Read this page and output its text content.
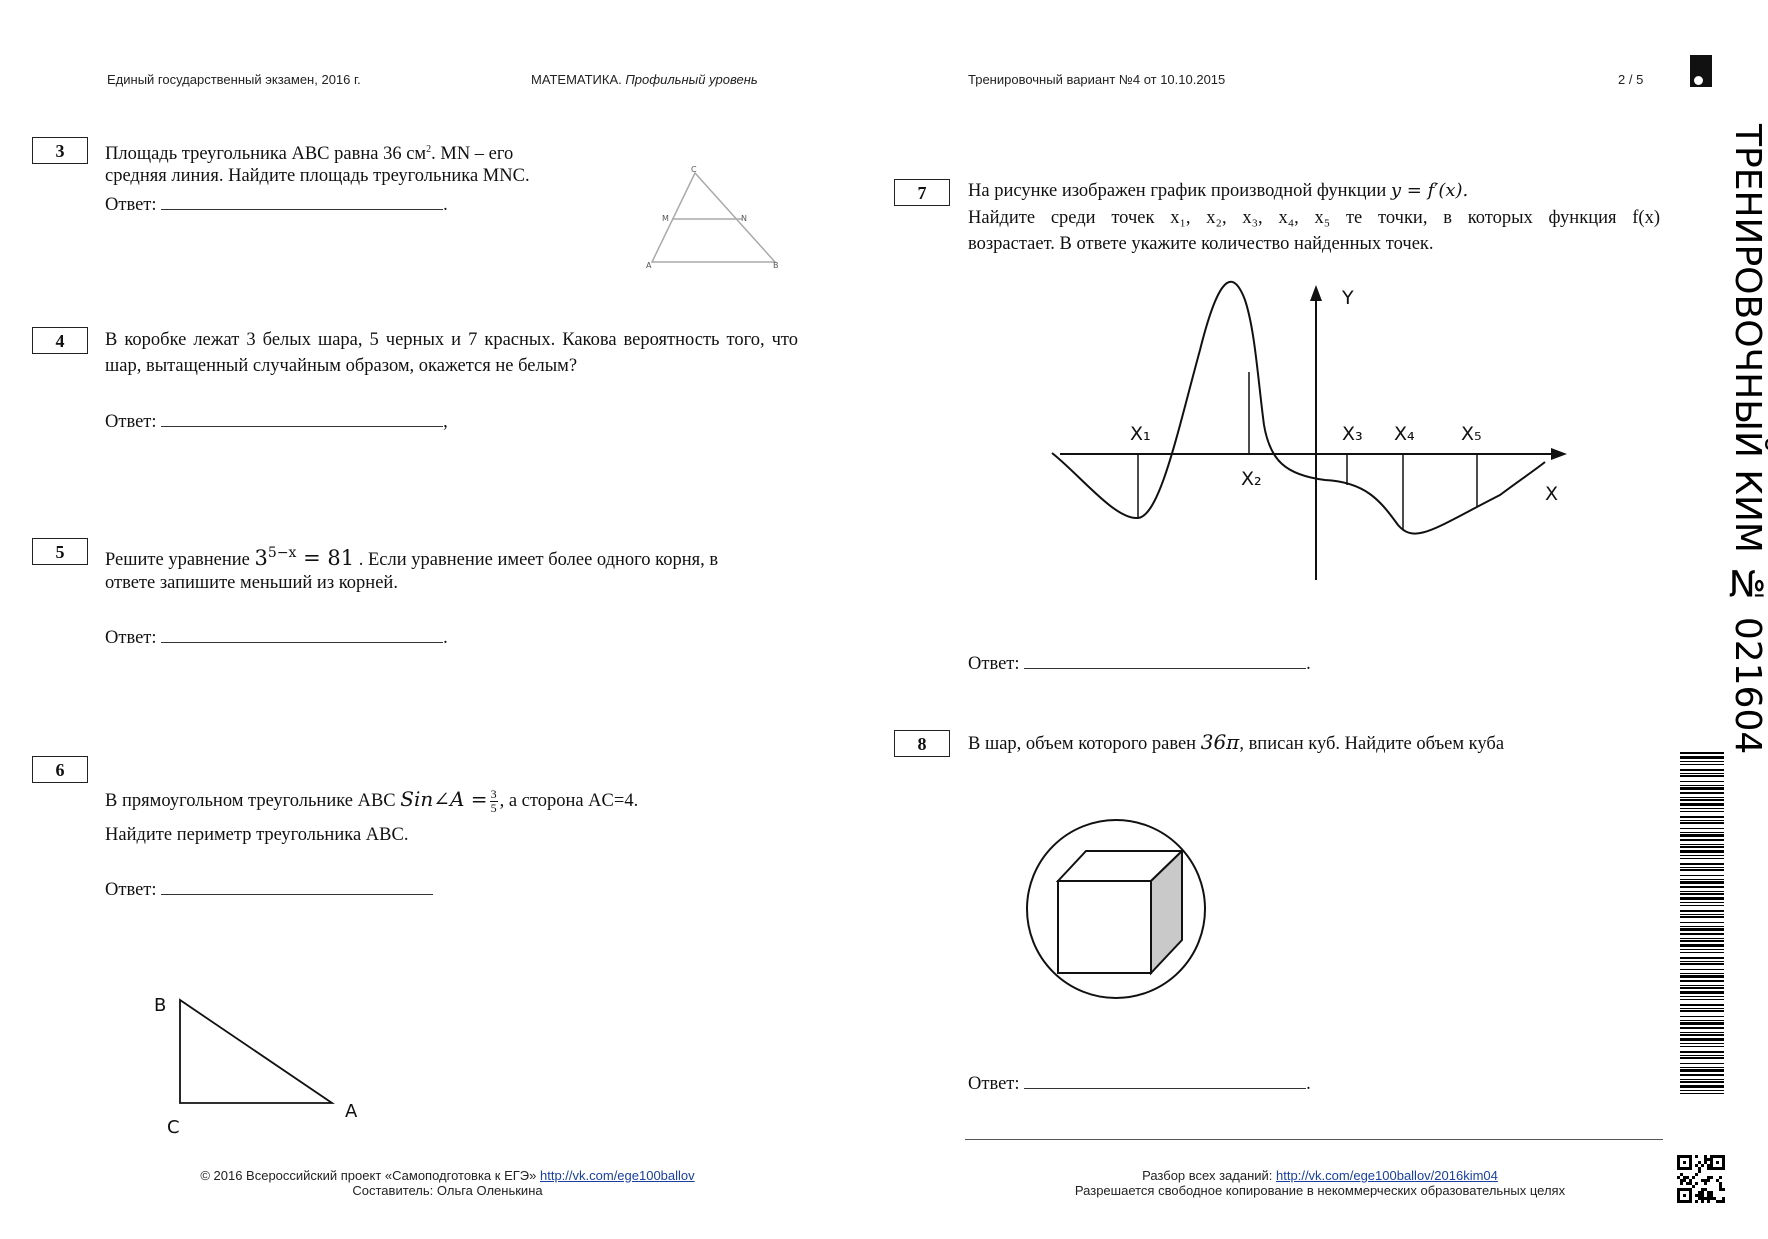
Единый государственный экзамен, 2016 г.	МАТЕМАТИКА. Профильный уровень	Тренировочный вариант №4 от 10.10.2015	2 / 5
ТРЕНИРОВОЧНЫЙ КИМ № 021604
3	Площадь треугольника ABC равна 36 $см^2$. MN – его
средняя линия. Найдите площадь треугольника MNC.
Ответ:	.
C
M	N
A	B
4	В коробке лежат 3 белых шара, 5 черных и 7 красных. Какова вероятность того, что шар, вытащенный случайным образом, окажется не белым?
Ответ:	,
5	Решите уравнение $3^{5-x} = 81$ . Если уравнение имеет более одного корня, в
ответе запишите меньший из корней.
Ответ:	.
6
В прямоугольном треугольнике ABC Sin∠A = $\frac{3}{5}$ , а сторона AC=4.
Найдите периметр треугольника ABC.
Ответ:
B
C
A
7	На рисунке изображен график производной функции y = f′(x).
Найдите среди точек x₁, x₂, x₃, x₄, x₅ те точки, в которых функция f(x)
возрастает. В ответе укажите количество найденных точек.
Y
X
X₁
X₂
X₃ X₄ X₅
Ответ:	.
8	В шар, объем которого равен 36π, вписан куб. Найдите объем куба
Ответ:	.
© 2016 Всероссийский проект «Самоподготовка к ЕГЭ» http://vk.com/ege100ballov
Составитель: Ольга Оленькина
Разбор всех заданий: http://vk.com/ege100ballov/2016kim04
Разрешается свободное копирование в некоммерческих образовательных целях
